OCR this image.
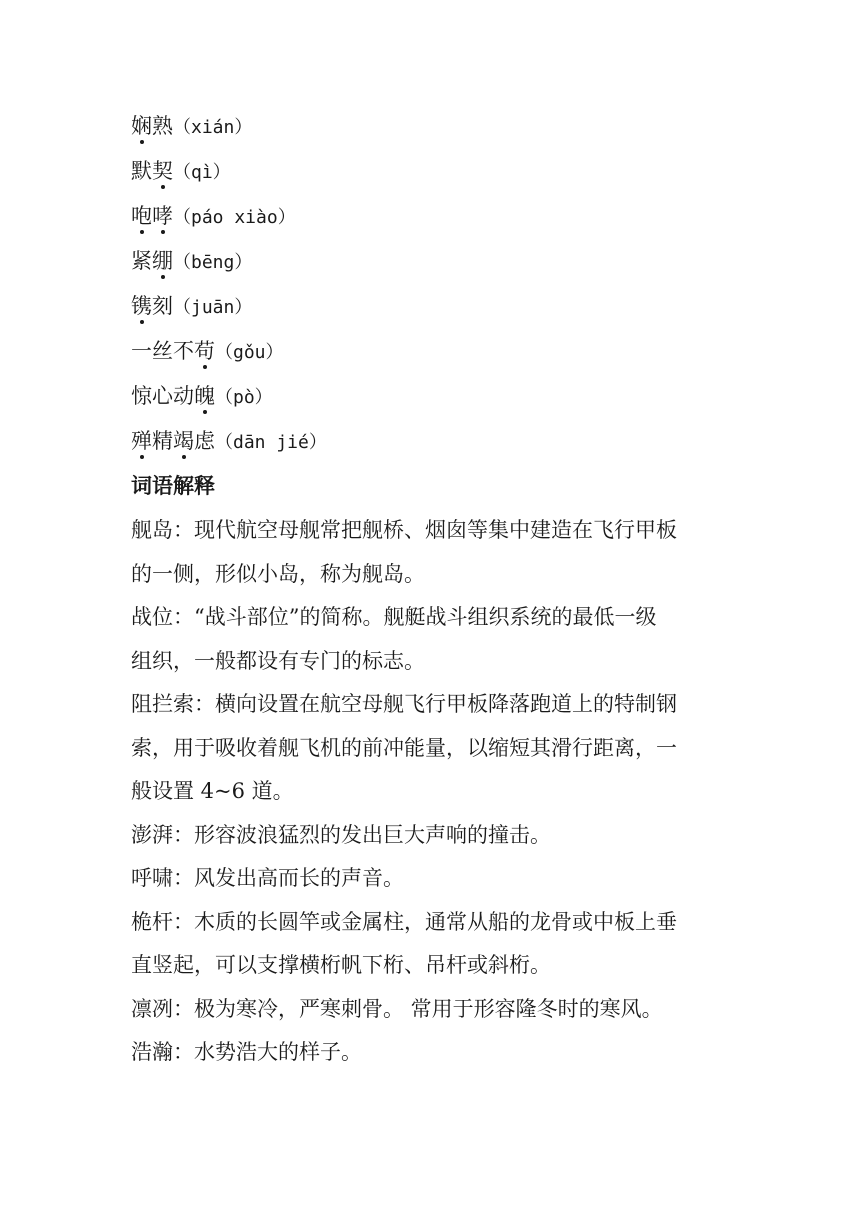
娴熟（xián）
默契（qì）
咆哮（páo xiào）
紧绷（bēng）
镌刻（juān）
一丝不苟（gǒu）
惊心动魄（pò）
殚精竭虑（dān jié）
词语解释
舰岛：现代航空母舰常把舰桥、烟囱等集中建造在飞行甲板
的一侧，形似小岛，称为舰岛。
战位：“战斗部位”的简称。舰艇战斗组织系统的最低一级
组织，一般都设有专门的标志。
阻拦索：横向设置在航空母舰飞行甲板降落跑道上的特制钢
索，用于吸收着舰飞机的前冲能量，以缩短其滑行距离，一
般设置 4~6 道。
澎湃：形容波浪猛烈的发出巨大声响的撞击。
呼啸：风发出高而长的声音。
桅杆：木质的长圆竿或金属柱，通常从船的龙骨或中板上垂
直竖起，可以支撑横桁帆下桁、吊杆或斜桁。
凛冽：极为寒冷，严寒刺骨。 常用于形容隆冬时的寒风。
浩瀚：水势浩大的样子。
